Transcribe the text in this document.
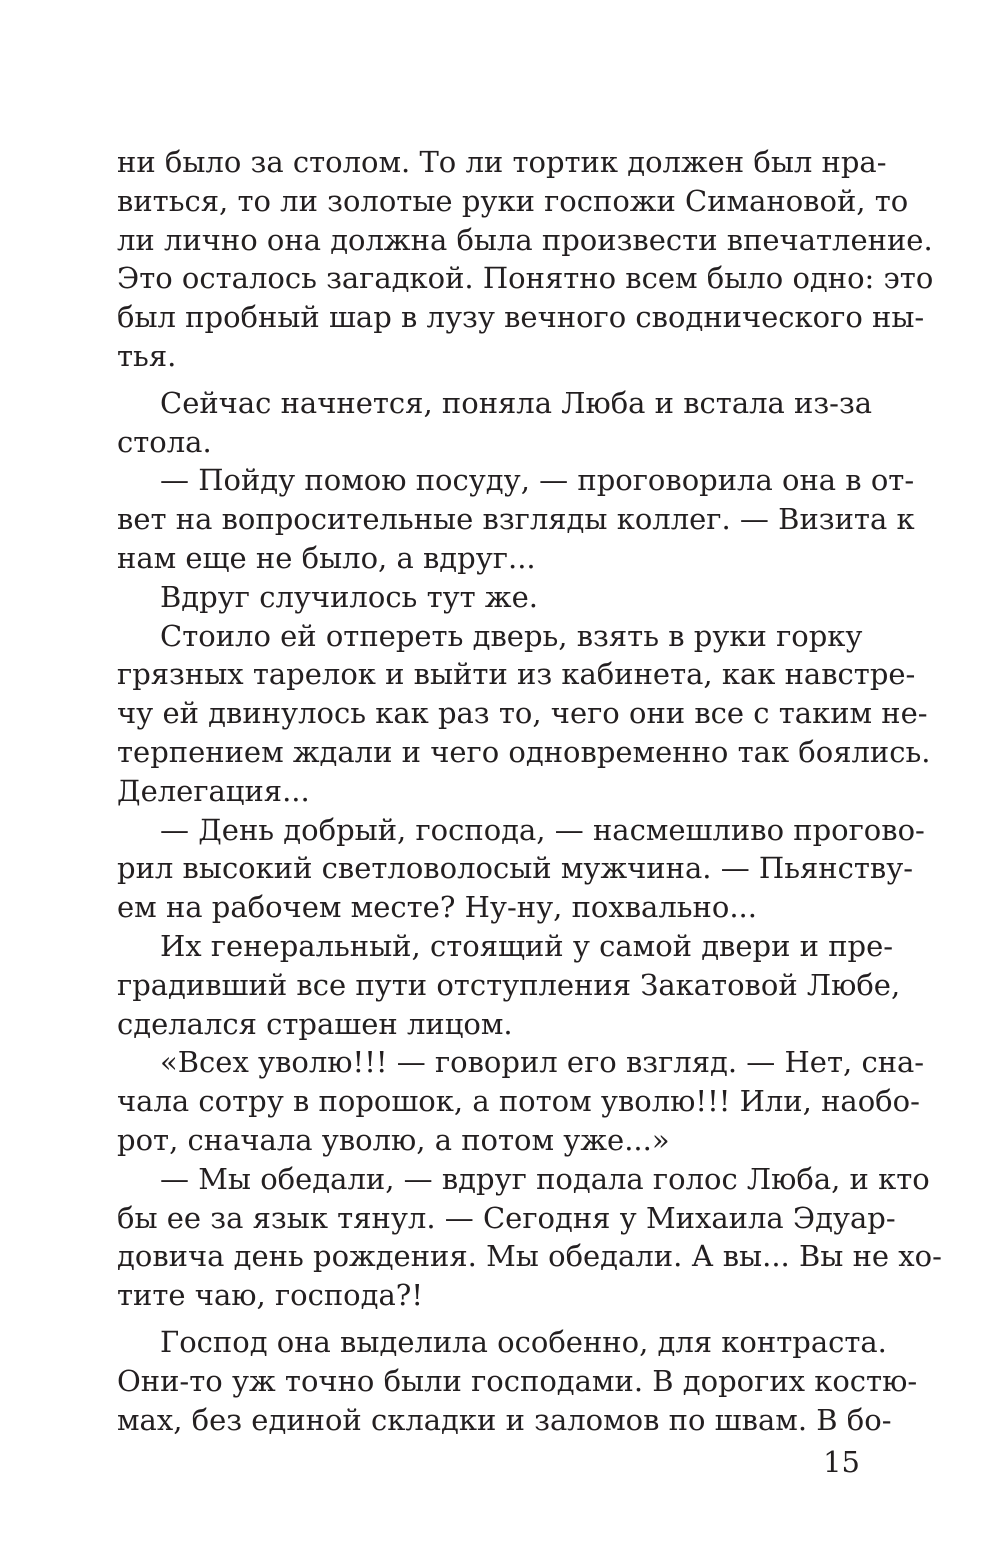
ни было за столом. То ли тортик должен был нра-
виться, то ли золотые руки госпожи Симановой, то
ли лично она должна была произвести впечатление.
Это осталось загадкой. Понятно всем было одно: это
был пробный шар в лузу вечного своднического ны-
тья.
Сейчас начнется, поняла Люба и встала из-за
стола.
— Пойду помою посуду, — проговорила она в от-
вет на вопросительные взгляды коллег. — Визита к
нам еще не было, а вдруг...
Вдруг случилось тут же.
Стоило ей отпереть дверь, взять в руки горку
грязных тарелок и выйти из кабинета, как навстре-
чу ей двинулось как раз то, чего они все с таким не-
терпением ждали и чего одновременно так боялись.
Делегация...
— День добрый, господа, — насмешливо прогово-
рил высокий светловолосый мужчина. — Пьянству-
ем на рабочем месте? Ну-ну, похвально...
Их генеральный, стоящий у самой двери и пре-
градивший все пути отступления Закатовой Любе,
сделался страшен лицом.
«Всех уволю!!! — говорил его взгляд. — Нет, сна-
чала сотру в порошок, а потом уволю!!! Или, наобо-
рот, сначала уволю, а потом уже...»
— Мы обедали, — вдруг подала голос Люба, и кто
бы ее за язык тянул. — Сегодня у Михаила Эдуар-
довича день рождения. Мы обедали. А вы... Вы не хо-
тите чаю, господа?!
Господ она выделила особенно, для контраста.
Они-то уж точно были господами. В дорогих костю-
мах, без единой складки и заломов по швам. В бо-
15
